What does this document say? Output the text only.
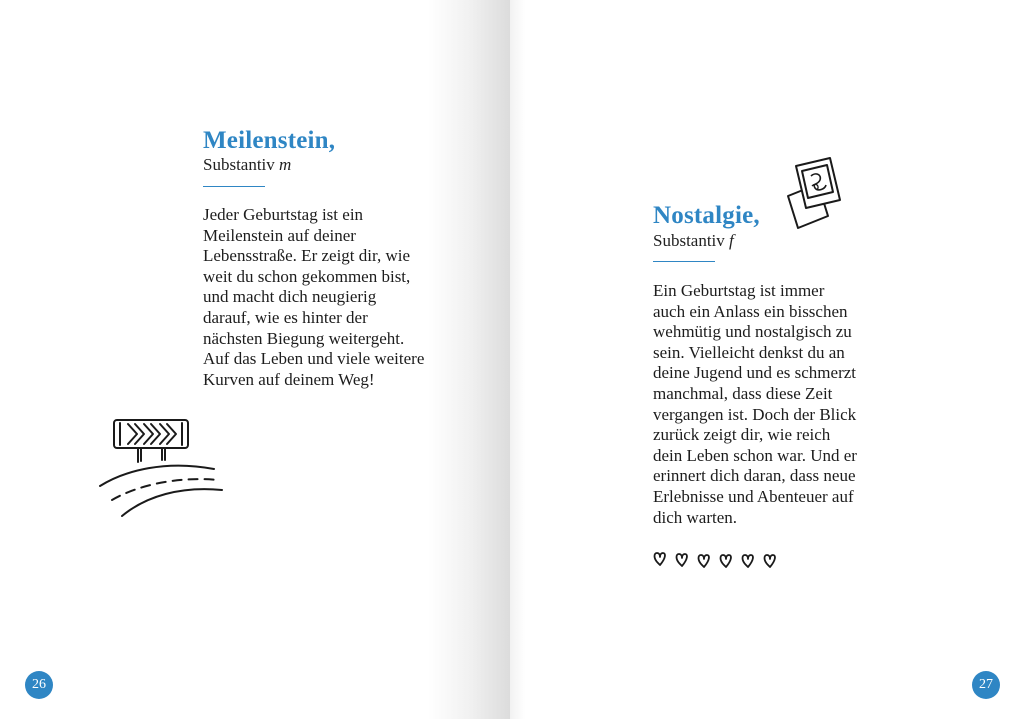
Meilenstein,
Substantiv m
Jeder Geburtstag ist ein
Meilenstein auf deiner
Lebensstraße. Er zeigt dir, wie
weit du schon gekommen bist,
und macht dich neugierig
darauf, wie es hinter der
nächsten Biegung weitergeht.
Auf das Leben und viele weitere
Kurven auf deinem Weg!
26
Nostalgie,
Substantiv f
Ein Geburtstag ist immer
auch ein Anlass ein bisschen
wehmütig und nostalgisch zu
sein. Vielleicht denkst du an
deine Jugend und es schmerzt
manchmal, dass diese Zeit
vergangen ist. Doch der Blick
zurück zeigt dir, wie reich
dein Leben schon war. Und er
erinnert dich daran, dass neue
Erlebnisse und Abenteuer auf
dich warten.
27
